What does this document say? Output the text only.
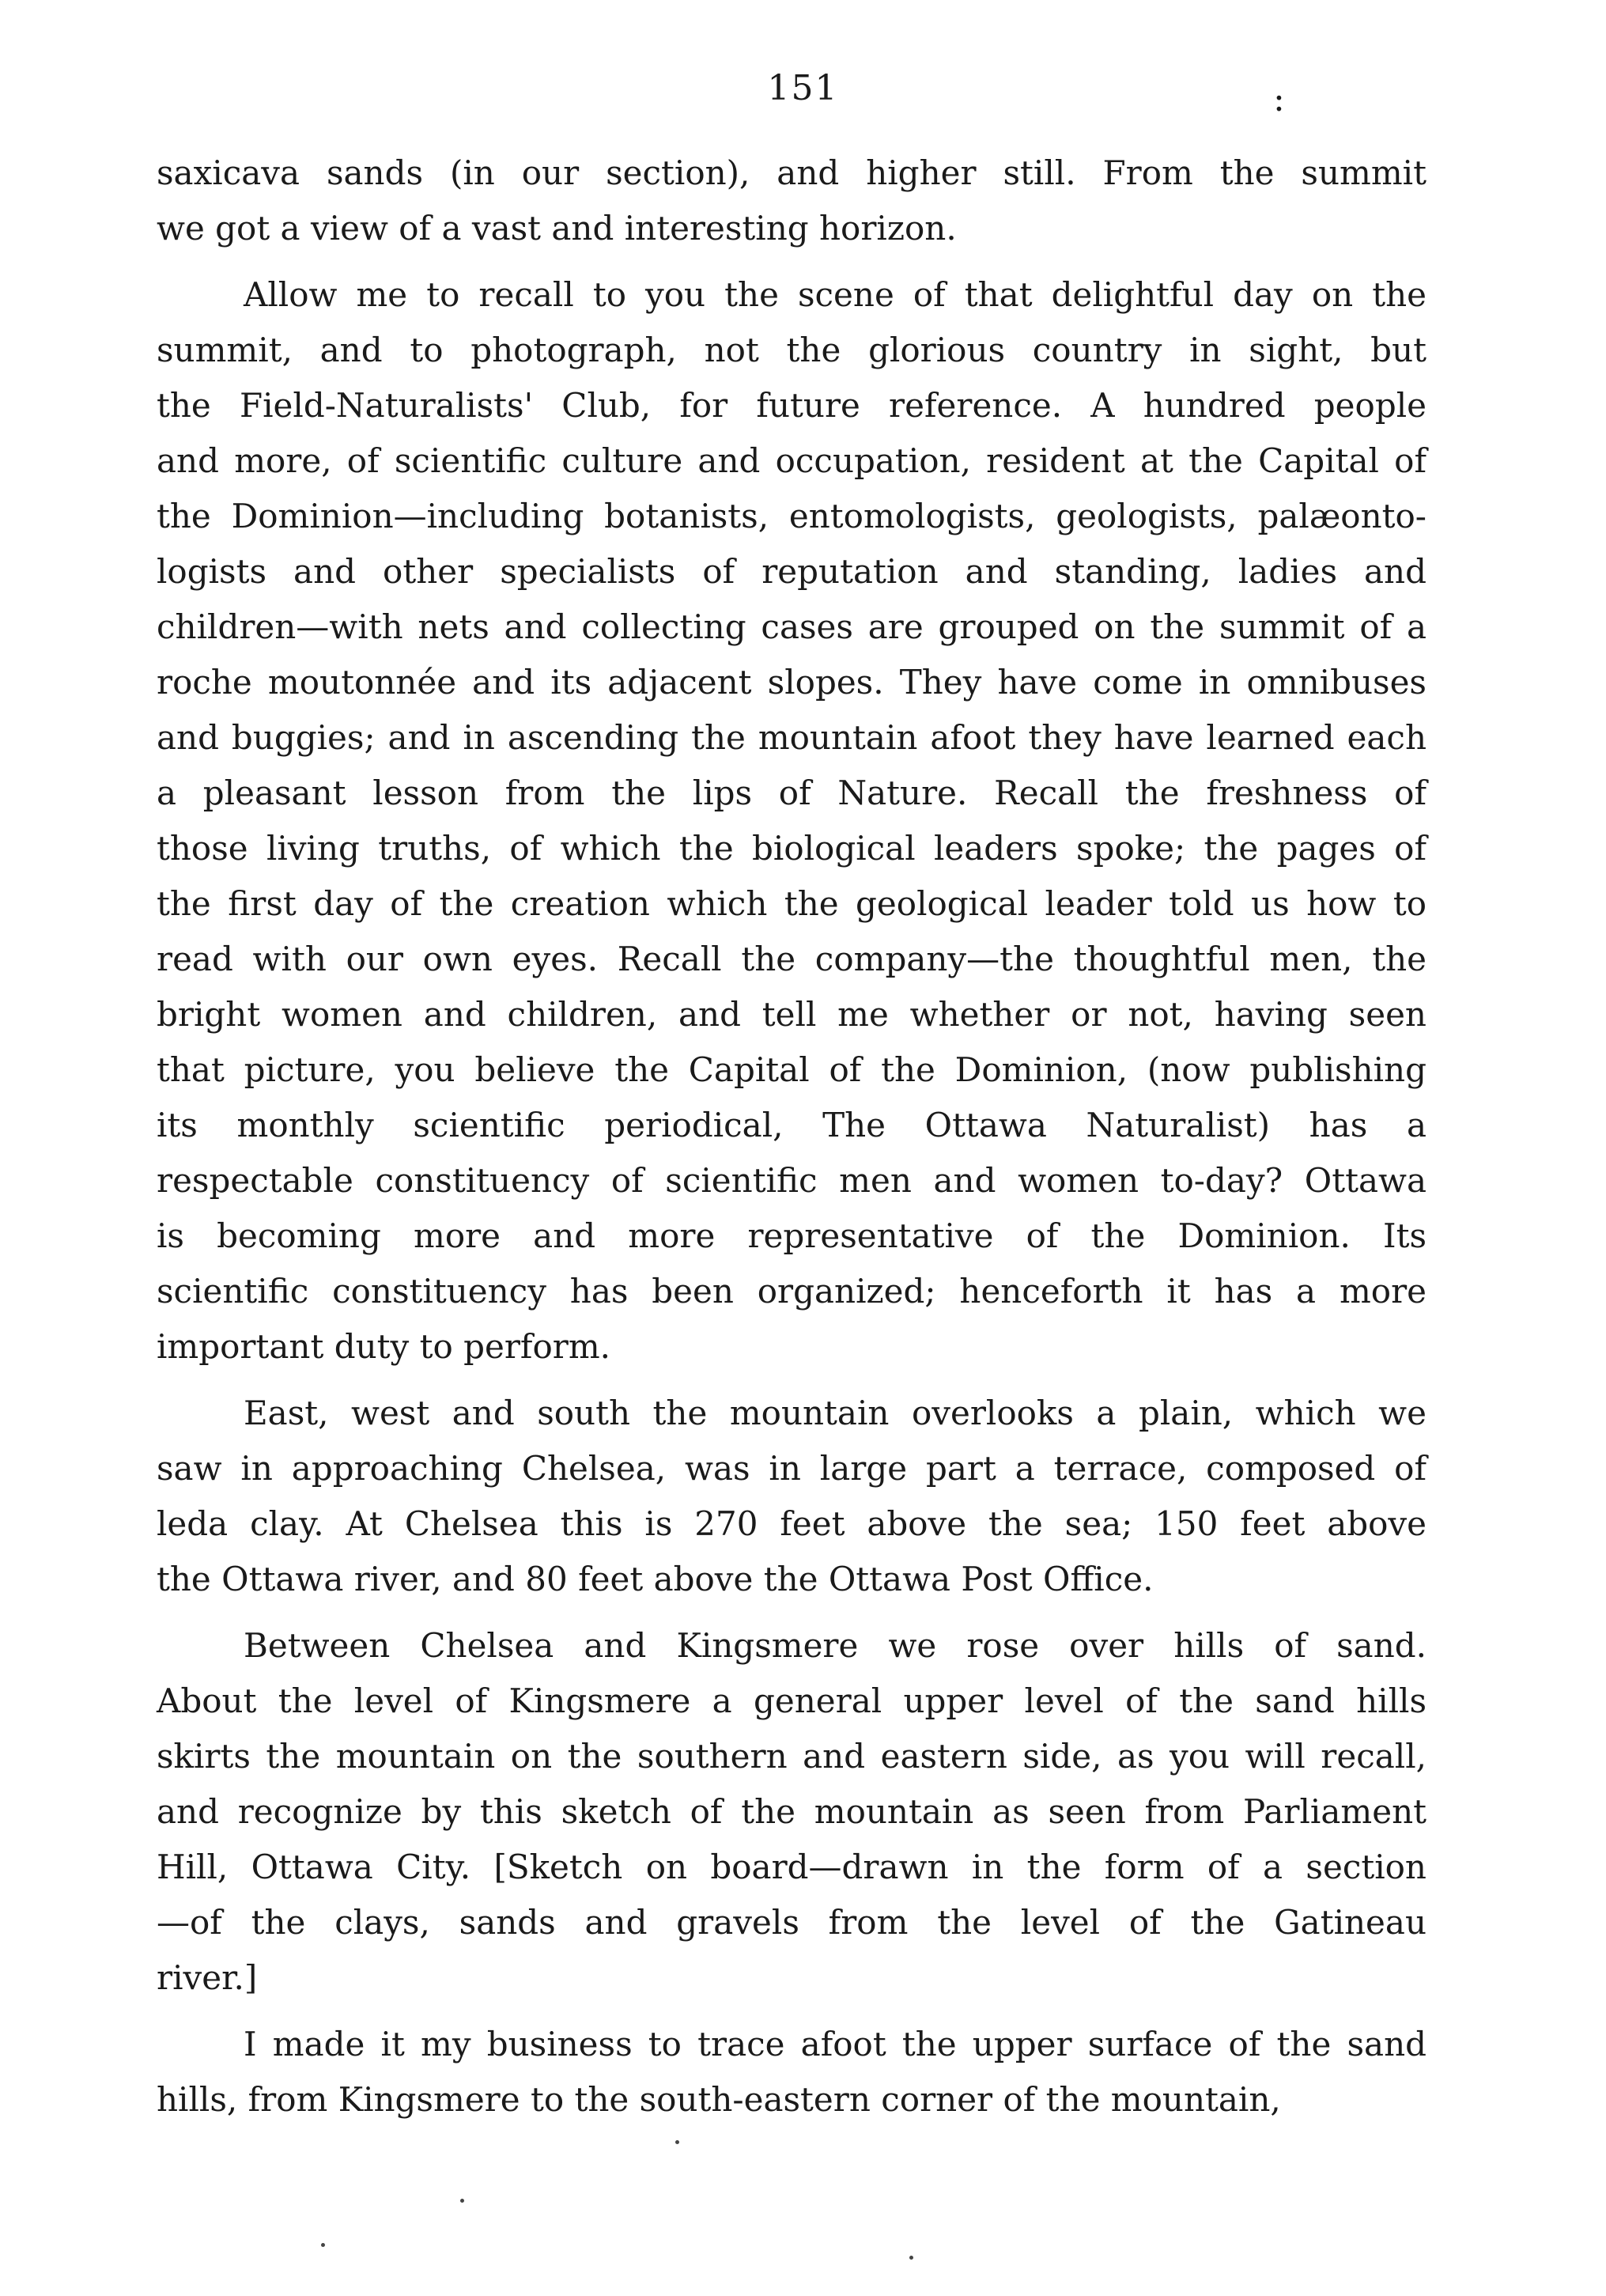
151	:
saxicava sands (in our section), and higher still. From the summit
we got a view of a vast and interesting horizon.
Allow me to recall to you the scene of that delightful day on the
summit, and to photograph, not the glorious country in sight, but
the Field-Naturalists' Club, for future reference. A hundred people
and more, of scientific culture and occupation, resident at the Capital of
the Dominion—including botanists, entomologists, geologists, palæonto-
logists and other specialists of reputation and standing, ladies and
children—with nets and collecting cases are grouped on the summit of a
roche moutonnée and its adjacent slopes. They have come in omnibuses
and buggies; and in ascending the mountain afoot they have learned each
a pleasant lesson from the lips of Nature. Recall the freshness of
those living truths, of which the biological leaders spoke; the pages of
the first day of the creation which the geological leader told us how to
read with our own eyes. Recall the company—the thoughtful men, the
bright women and children, and tell me whether or not, having seen
that picture, you believe the Capital of the Dominion, (now publishing
its monthly scientific periodical, The Ottawa Naturalist) has a
respectable constituency of scientific men and women to-day? Ottawa
is becoming more and more representative of the Dominion. Its
scientific constituency has been organized; henceforth it has a more
important duty to perform.
East, west and south the mountain overlooks a plain, which we
saw in approaching Chelsea, was in large part a terrace, composed of
leda clay. At Chelsea this is 270 feet above the sea; 150 feet above
the Ottawa river, and 80 feet above the Ottawa Post Office.
Between Chelsea and Kingsmere we rose over hills of sand.
About the level of Kingsmere a general upper level of the sand hills
skirts the mountain on the southern and eastern side, as you will recall,
and recognize by this sketch of the mountain as seen from Parliament
Hill, Ottawa City. [Sketch on board—drawn in the form of a section
—of the clays, sands and gravels from the level of the Gatineau
river.]
I made it my business to trace afoot the upper surface of the sand
hills, from Kingsmere to the south-eastern corner of the mountain,
